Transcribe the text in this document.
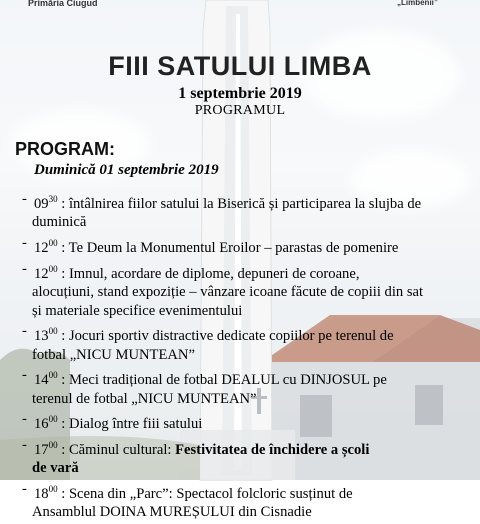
Primăria Ciugud	„Limbenii”
FIII SATULUI LIMBA
1 septembrie 2019
PROGRAMUL
PROGRAM:
Duminică 01 septembrie 2019
- $09^{30}$ : întâlnirea fiilor satului la Biserică și participarea la slujba de
duminică
- $12^{00}$ : Te Deum la Monumentul Eroilor – parastas de pomenire
- $12^{00}$ : Imnul, acordare de diplome, depuneri de coroane,
alocuțiuni, stand expoziție – vânzare icoane făcute de copiii din sat
și materiale specifice evenimentului
- $13^{00}$ : Jocuri sportiv distractive dedicate copiilor pe terenul de
fotbal „NICU MUNTEAN”
- $14^{00}$ : Meci tradițional de fotbal DEALUL cu DINJOSUL pe
terenul de fotbal „NICU MUNTEAN”
- $16^{00}$ : Dialog între fiii satului
- $17^{00}$ : Căminul cultural: Festivitatea de închidere a școli
de vară
- $18^{00}$ : Scena din „Parc”: Spectacol folcloric susținut de
Ansamblul DOINA MUREȘULUI din Cisnadie
